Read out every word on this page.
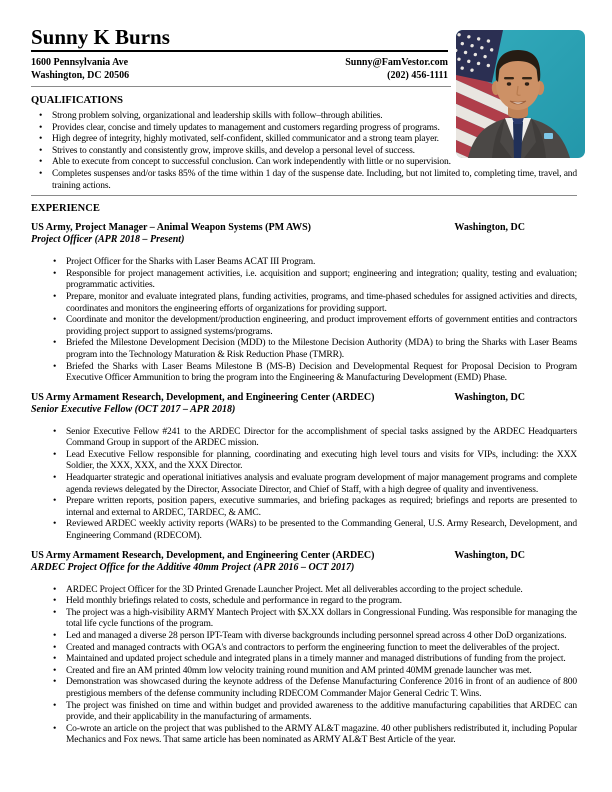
Sunny K Burns
1600 Pennsylvania Ave
Washington, DC 20506
Sunny@FamVestor.com
(202) 456-1111
QUALIFICATIONS
• Strong problem solving, organizational and leadership skills with follow–through abilities.
• Provides clear, concise and timely updates to management and customers regarding progress of programs.
• High degree of integrity, highly motivated, self-confident, skilled communicator and a strong team player.
• Strives to constantly and consistently grow, improve skills, and develop a personal level of success.
• Able to execute from concept to successful conclusion. Can work independently with little or no supervision.
• Completes suspenses and/or tasks 85% of the time within 1 day of the suspense date. Including, but not limited to, completing time, travel, and training actions.
EXPERIENCE
US Army, Project Manager – Animal Weapon Systems (PM AWS)	Washington, DC
Project Officer (APR 2018 – Present)
• Project Officer for the Sharks with Laser Beams ACAT III Program.
• Responsible for project management activities, i.e. acquisition and support; engineering and integration; quality, testing and evaluation; programmatic activities.
• Prepare, monitor and evaluate integrated plans, funding activities, programs, and time-phased schedules for assigned activities and directs, coordinates and monitors the engineering efforts of organizations for providing support.
• Coordinate and monitor the development/production engineering, and product improvement efforts of government entities and contractors providing project support to assigned systems/programs.
• Briefed the Milestone Development Decision (MDD) to the Milestone Decision Authority (MDA) to bring the Sharks with Laser Beams program into the Technology Maturation & Risk Reduction Phase (TMRR).
• Briefed the Sharks with Laser Beams Milestone B (MS-B) Decision and Developmental Request for Proposal Decision to Program Executive Officer Ammunition to bring the program into the Engineering & Manufacturing Development (EMD) Phase.
US Army Armament Research, Development, and Engineering Center (ARDEC)	Washington, DC
Senior Executive Fellow (OCT 2017 – APR 2018)
• Senior Executive Fellow #241 to the ARDEC Director for the accomplishment of special tasks assigned by the ARDEC Headquarters Command Group in support of the ARDEC mission.
• Lead Executive Fellow responsible for planning, coordinating and executing high level tours and visits for VIPs, including: the XXX Soldier, the XXX, XXX, and the XXX Director.
• Headquarter strategic and operational initiatives analysis and evaluate program development of major management programs and complete agenda reviews delegated by the Director, Associate Director, and Chief of Staff, with a high degree of quality and inventiveness.
• Prepare written reports, position papers, executive summaries, and briefing packages as required; briefings and reports are presented to internal and external to ARDEC, TARDEC, & AMC.
• Reviewed ARDEC weekly activity reports (WARs) to be presented to the Commanding General, U.S. Army Research, Development, and Engineering Command (RDECOM).
US Army Armament Research, Development, and Engineering Center (ARDEC)	Washington, DC
ARDEC Project Office for the Additive 40mm Project (APR 2016 – OCT 2017)
• ARDEC Project Officer for the 3D Printed Grenade Launcher Project. Met all deliverables according to the project schedule.
• Held monthly briefings related to costs, schedule and performance in regard to the program.
• The project was a high-visibility ARMY Mantech Project with $X.XX dollars in Congressional Funding. Was responsible for managing the total life cycle functions of the program.
• Led and managed a diverse 28 person IPT-Team with diverse backgrounds including personnel spread across 4 other DoD organizations.
• Created and managed contracts with OGA's and contractors to perform the engineering function to meet the deliverables of the project.
• Maintained and updated project schedule and integrated plans in a timely manner and managed distributions of funding from the project.
• Created and fire an AM printed 40mm low velocity training round munition and AM printed 40MM grenade launcher was met.
• Demonstration was showcased during the keynote address of the Defense Manufacturing Conference 2016 in front of an audience of 800 prestigious members of the defense community including RDECOM Commander Major General Cedric T. Wins.
• The project was finished on time and within budget and provided awareness to the additive manufacturing capabilities that ARDEC can provide, and their applicability in the manufacturing of armaments.
• Co-wrote an article on the project that was published to the ARMY AL&T magazine. 40 other publishers redistributed it, including Popular Mechanics and Fox news. That same article has been nominated as ARMY AL&T Best Article of the year.
